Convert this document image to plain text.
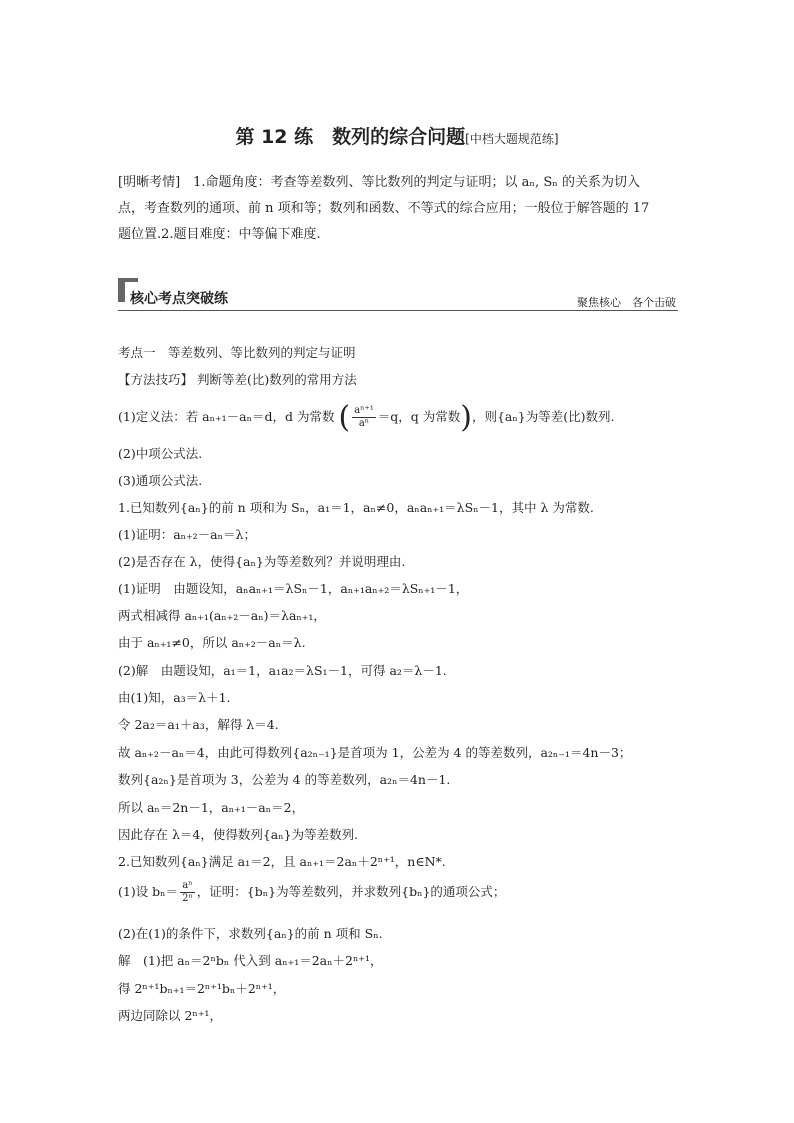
第 12 练　数列的综合问题[中档大题规范练]
[明晰考情]　1.命题角度：考查等差数列、等比数列的判定与证明；以 aₙ, Sₙ 的关系为切入
点，考查数列的通项、前 n 项和等；数列和函数、不等式的综合应用；一般位于解答题的 17
题位置.2.题目难度：中等偏下难度.
核心考点突破练	聚焦核心　各个击破
考点一　等差数列、等比数列的判定与证明
【方法技巧】 判断等差(比)数列的常用方法
(1)定义法：若 aₙ₊₁－aₙ＝d，d 为常数 ( $\frac{\text{aⁿ⁺¹}}{\text{aⁿ}} =q$，q 为常数)，则{aₙ}为等差(比)数列.
(2)中项公式法.
(3)通项公式法.
1.已知数列{aₙ}的前 n 项和为 Sₙ，a₁＝1，aₙ≠0，aₙaₙ₊₁＝λSₙ－1，其中 λ 为常数.
(1)证明：aₙ₊₂－aₙ＝λ；
(2)是否存在 λ，使得{aₙ}为等差数列？并说明理由.
(1)证明　由题设知，aₙaₙ₊₁＝λSₙ－1，aₙ₊₁aₙ₊₂＝λSₙ₊₁－1，
两式相减得 aₙ₊₁(aₙ₊₂－aₙ)＝λaₙ₊₁，
由于 aₙ₊₁≠0，所以 aₙ₊₂－aₙ＝λ.
(2)解　由题设知，a₁＝1，a₁a₂＝λS₁－1，可得 a₂＝λ－1.
由(1)知，a₃＝λ＋1.
令 2a₂＝a₁＋a₃，解得 λ＝4.
故 aₙ₊₂－aₙ＝4，由此可得数列{a₂ₙ₋₁}是首项为 1，公差为 4 的等差数列，a₂ₙ₋₁＝4n－3；
数列{a₂ₙ}是首项为 3，公差为 4 的等差数列，a₂ₙ＝4n－1.
所以 aₙ＝2n－1，aₙ₊₁－aₙ＝2，
因此存在 λ＝4，使得数列{aₙ}为等差数列.
2.已知数列{aₙ}满足 a₁＝2，且 aₙ₊₁＝2aₙ＋2ⁿ⁺¹，n∈N*.
(1)设 $b_n= \frac{\text{aⁿ}}{\text{2ⁿ}}$ ，证明：{bₙ}为等差数列，并求数列{bₙ}的通项公式；
(2)在(1)的条件下，求数列{aₙ}的前 n 项和 Sₙ.
解　(1)把 aₙ＝2ⁿbₙ 代入到 aₙ₊₁＝2aₙ＋2ⁿ⁺¹，
得 2ⁿ⁺¹bₙ₊₁＝2ⁿ⁺¹bₙ＋2ⁿ⁺¹，
两边同除以 2ⁿ⁺¹，
